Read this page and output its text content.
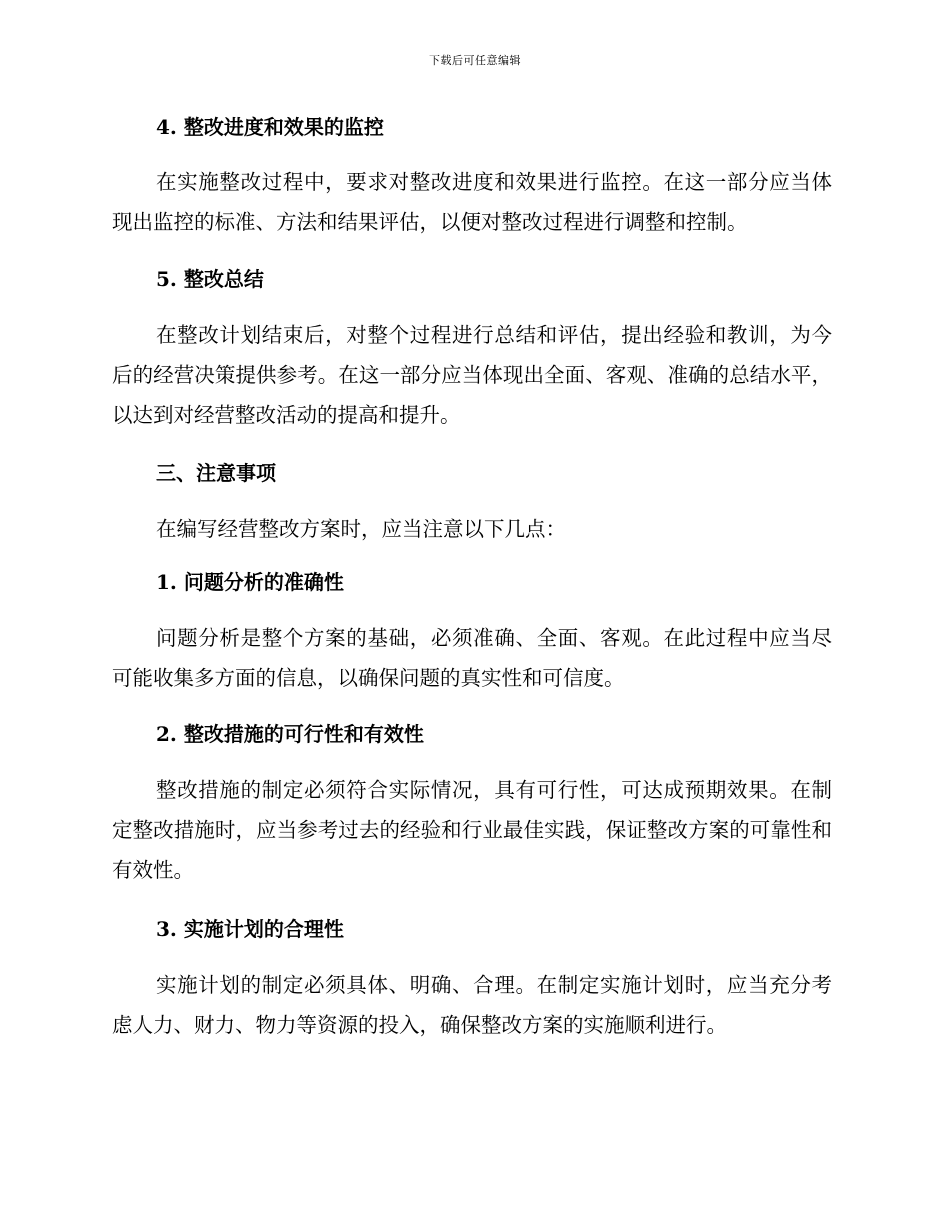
下载后可任意编辑
4. 整改进度和效果的监控
在实施整改过程中，要求对整改进度和效果进行监控。在这一部分应当体现出监控的标准、方法和结果评估，以便对整改过程进行调整和控制。
5. 整改总结
在整改计划结束后，对整个过程进行总结和评估，提出经验和教训，为今后的经营决策提供参考。在这一部分应当体现出全面、客观、准确的总结水平，以达到对经营整改活动的提高和提升。
三、注意事项
在编写经营整改方案时，应当注意以下几点：
1. 问题分析的准确性
问题分析是整个方案的基础，必须准确、全面、客观。在此过程中应当尽可能收集多方面的信息，以确保问题的真实性和可信度。
2. 整改措施的可行性和有效性
整改措施的制定必须符合实际情况，具有可行性，可达成预期效果。在制定整改措施时，应当参考过去的经验和行业最佳实践，保证整改方案的可靠性和有效性。
3. 实施计划的合理性
实施计划的制定必须具体、明确、合理。在制定实施计划时，应当充分考虑人力、财力、物力等资源的投入，确保整改方案的实施顺利进行。
